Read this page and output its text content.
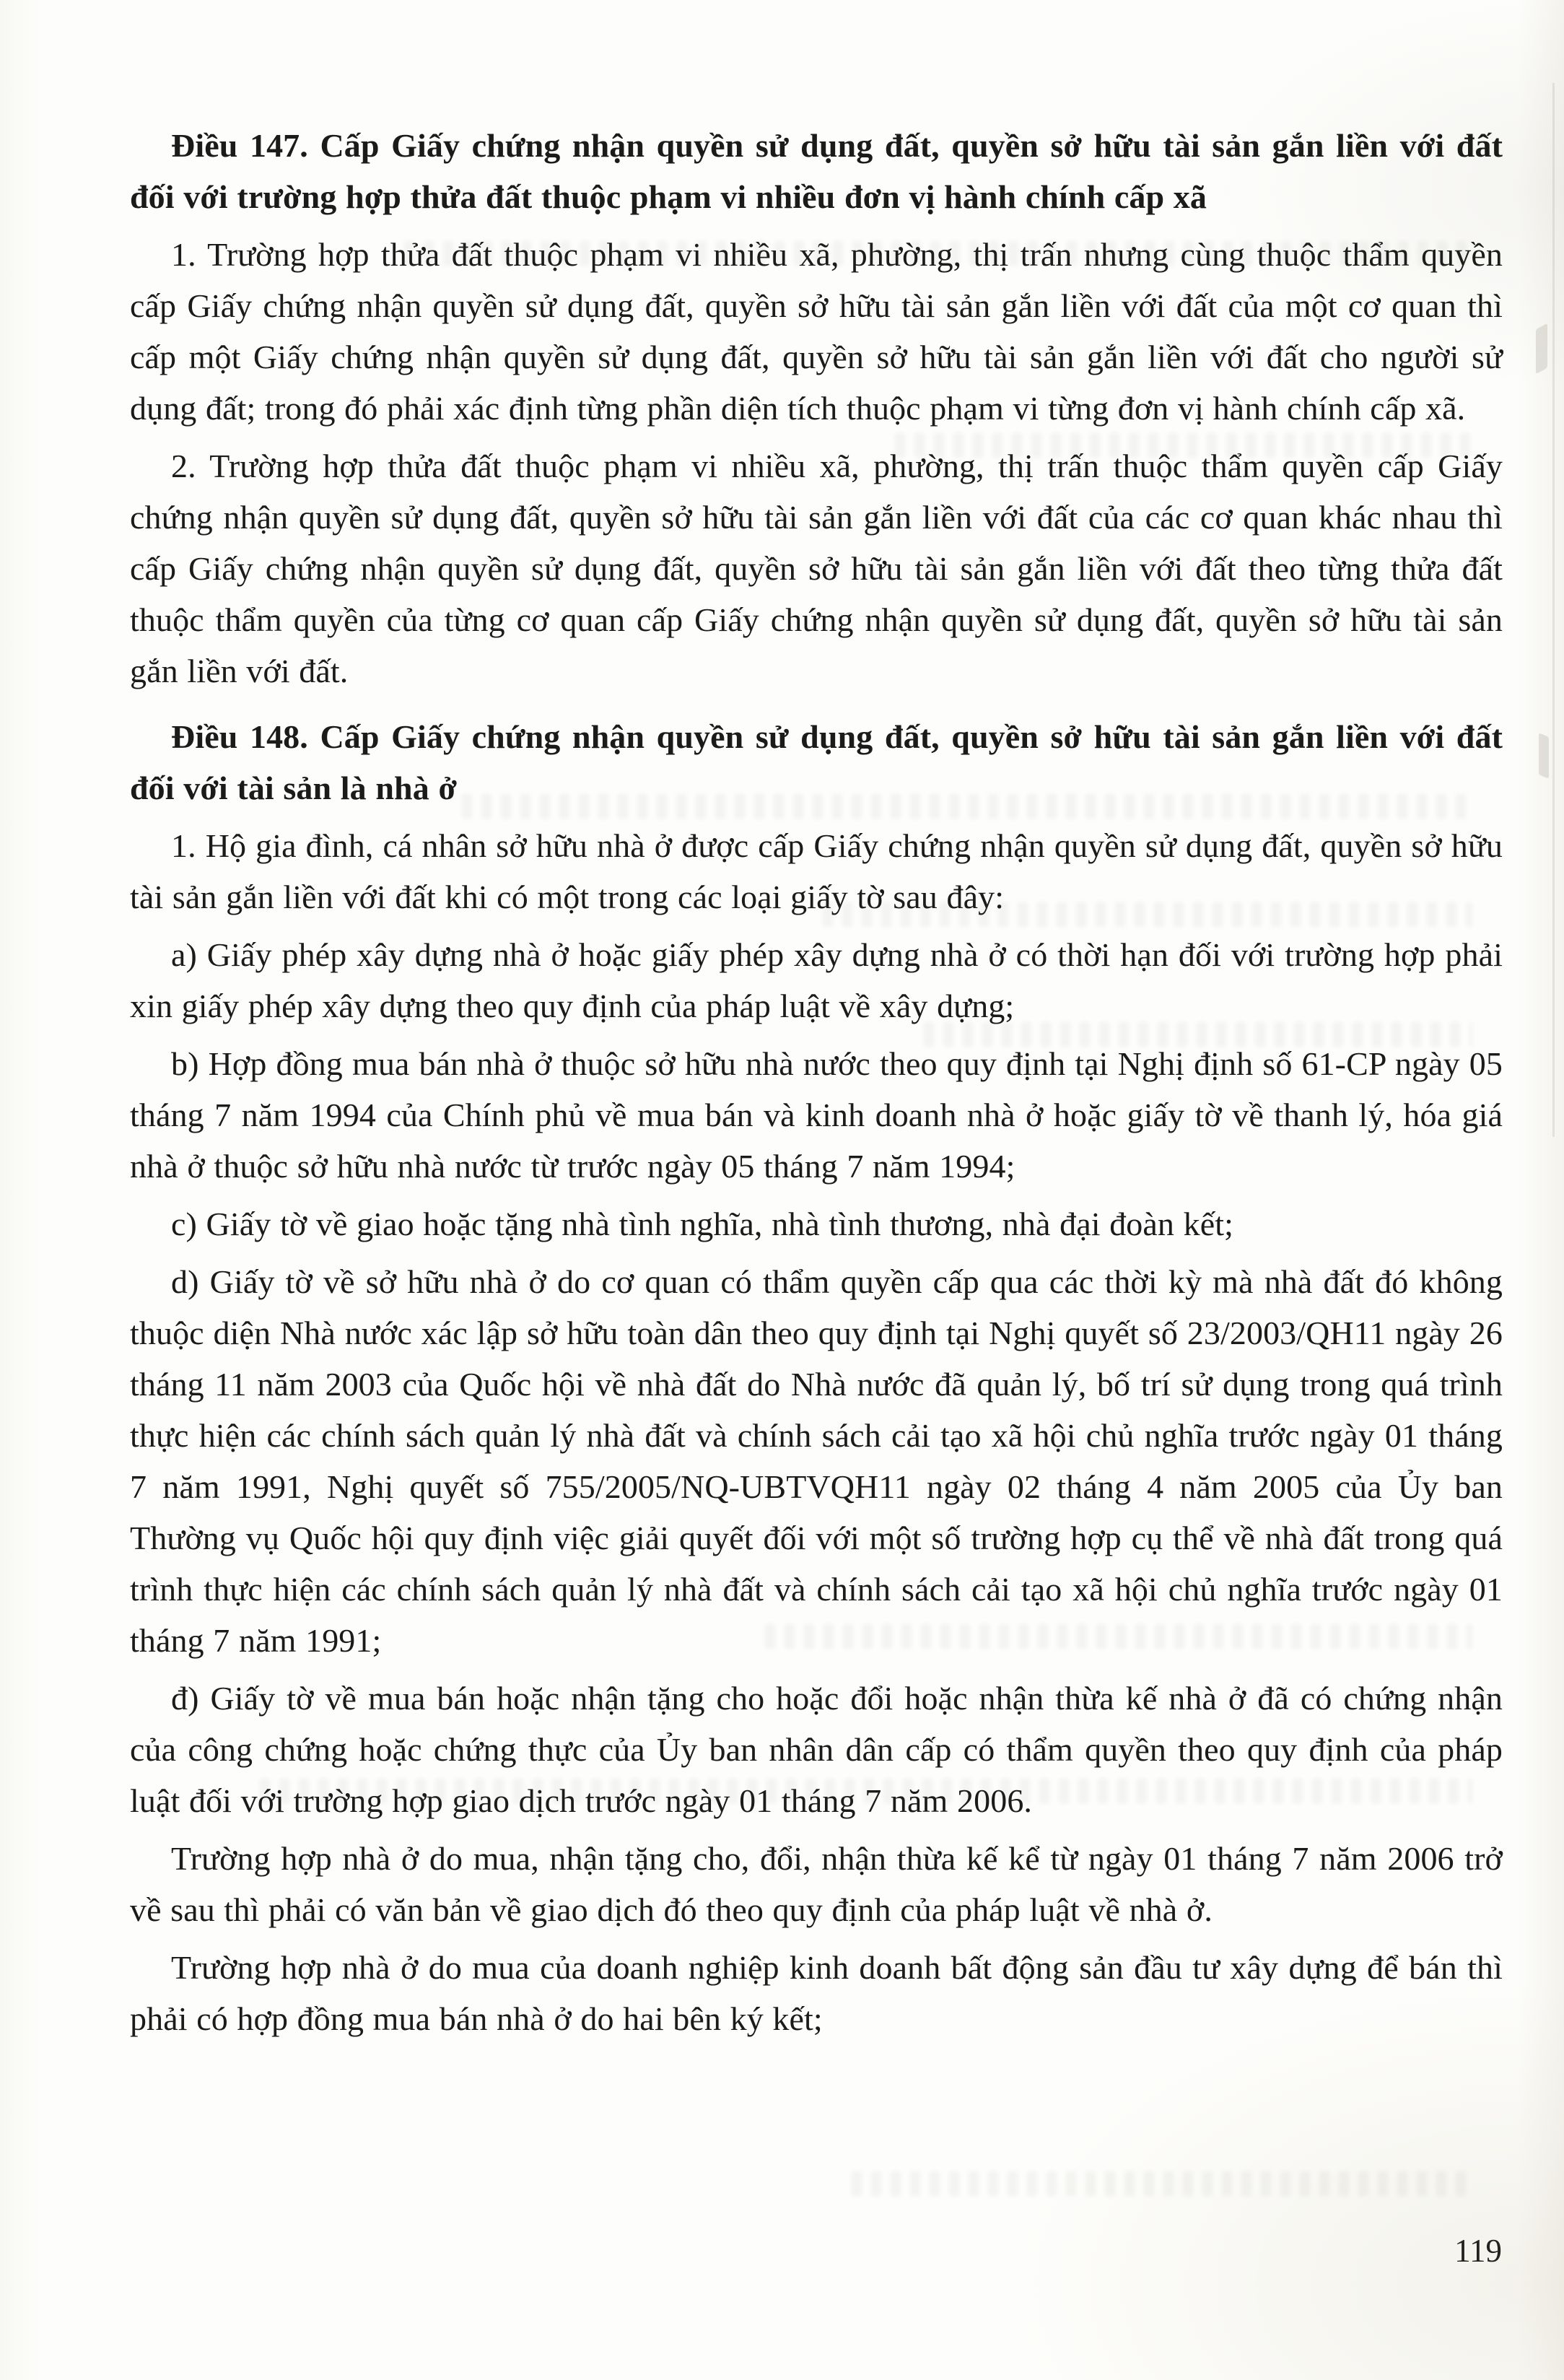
Điều 147. Cấp Giấy chứng nhận quyền sử dụng đất, quyền sở hữu tài sản gắn liền với đất đối với trường hợp thửa đất thuộc phạm vi nhiều đơn vị hành chính cấp xã

1. Trường hợp thửa đất thuộc phạm vi nhiều xã, phường, thị trấn nhưng cùng thuộc thẩm quyền cấp Giấy chứng nhận quyền sử dụng đất, quyền sở hữu tài sản gắn liền với đất của một cơ quan thì cấp một Giấy chứng nhận quyền sử dụng đất, quyền sở hữu tài sản gắn liền với đất cho người sử dụng đất; trong đó phải xác định từng phần diện tích thuộc phạm vi từng đơn vị hành chính cấp xã.

2. Trường hợp thửa đất thuộc phạm vi nhiều xã, phường, thị trấn thuộc thẩm quyền cấp Giấy chứng nhận quyền sử dụng đất, quyền sở hữu tài sản gắn liền với đất của các cơ quan khác nhau thì cấp Giấy chứng nhận quyền sử dụng đất, quyền sở hữu tài sản gắn liền với đất theo từng thửa đất thuộc thẩm quyền của từng cơ quan cấp Giấy chứng nhận quyền sử dụng đất, quyền sở hữu tài sản gắn liền với đất.

Điều 148. Cấp Giấy chứng nhận quyền sử dụng đất, quyền sở hữu tài sản gắn liền với đất đối với tài sản là nhà ở

1. Hộ gia đình, cá nhân sở hữu nhà ở được cấp Giấy chứng nhận quyền sử dụng đất, quyền sở hữu tài sản gắn liền với đất khi có một trong các loại giấy tờ sau đây:

a) Giấy phép xây dựng nhà ở hoặc giấy phép xây dựng nhà ở có thời hạn đối với trường hợp phải xin giấy phép xây dựng theo quy định của pháp luật về xây dựng;

b) Hợp đồng mua bán nhà ở thuộc sở hữu nhà nước theo quy định tại Nghị định số 61-CP ngày 05 tháng 7 năm 1994 của Chính phủ về mua bán và kinh doanh nhà ở hoặc giấy tờ về thanh lý, hóa giá nhà ở thuộc sở hữu nhà nước từ trước ngày 05 tháng 7 năm 1994;

c) Giấy tờ về giao hoặc tặng nhà tình nghĩa, nhà tình thương, nhà đại đoàn kết;

d) Giấy tờ về sở hữu nhà ở do cơ quan có thẩm quyền cấp qua các thời kỳ mà nhà đất đó không thuộc diện Nhà nước xác lập sở hữu toàn dân theo quy định tại Nghị quyết số 23/2003/QH11 ngày 26 tháng 11 năm 2003 của Quốc hội về nhà đất do Nhà nước đã quản lý, bố trí sử dụng trong quá trình thực hiện các chính sách quản lý nhà đất và chính sách cải tạo xã hội chủ nghĩa trước ngày 01 tháng 7 năm 1991, Nghị quyết số 755/2005/NQ-UBTVQH11 ngày 02 tháng 4 năm 2005 của Ủy ban Thường vụ Quốc hội quy định việc giải quyết đối với một số trường hợp cụ thể về nhà đất trong quá trình thực hiện các chính sách quản lý nhà đất và chính sách cải tạo xã hội chủ nghĩa trước ngày 01 tháng 7 năm 1991;

đ) Giấy tờ về mua bán hoặc nhận tặng cho hoặc đổi hoặc nhận thừa kế nhà ở đã có chứng nhận của công chứng hoặc chứng thực của Ủy ban nhân dân cấp có thẩm quyền theo quy định của pháp luật đối với trường hợp giao dịch trước ngày 01 tháng 7 năm 2006.

Trường hợp nhà ở do mua, nhận tặng cho, đổi, nhận thừa kế kể từ ngày 01 tháng 7 năm 2006 trở về sau thì phải có văn bản về giao dịch đó theo quy định của pháp luật về nhà ở.

Trường hợp nhà ở do mua của doanh nghiệp kinh doanh bất động sản đầu tư xây dựng để bán thì phải có hợp đồng mua bán nhà ở do hai bên ký kết;

119
